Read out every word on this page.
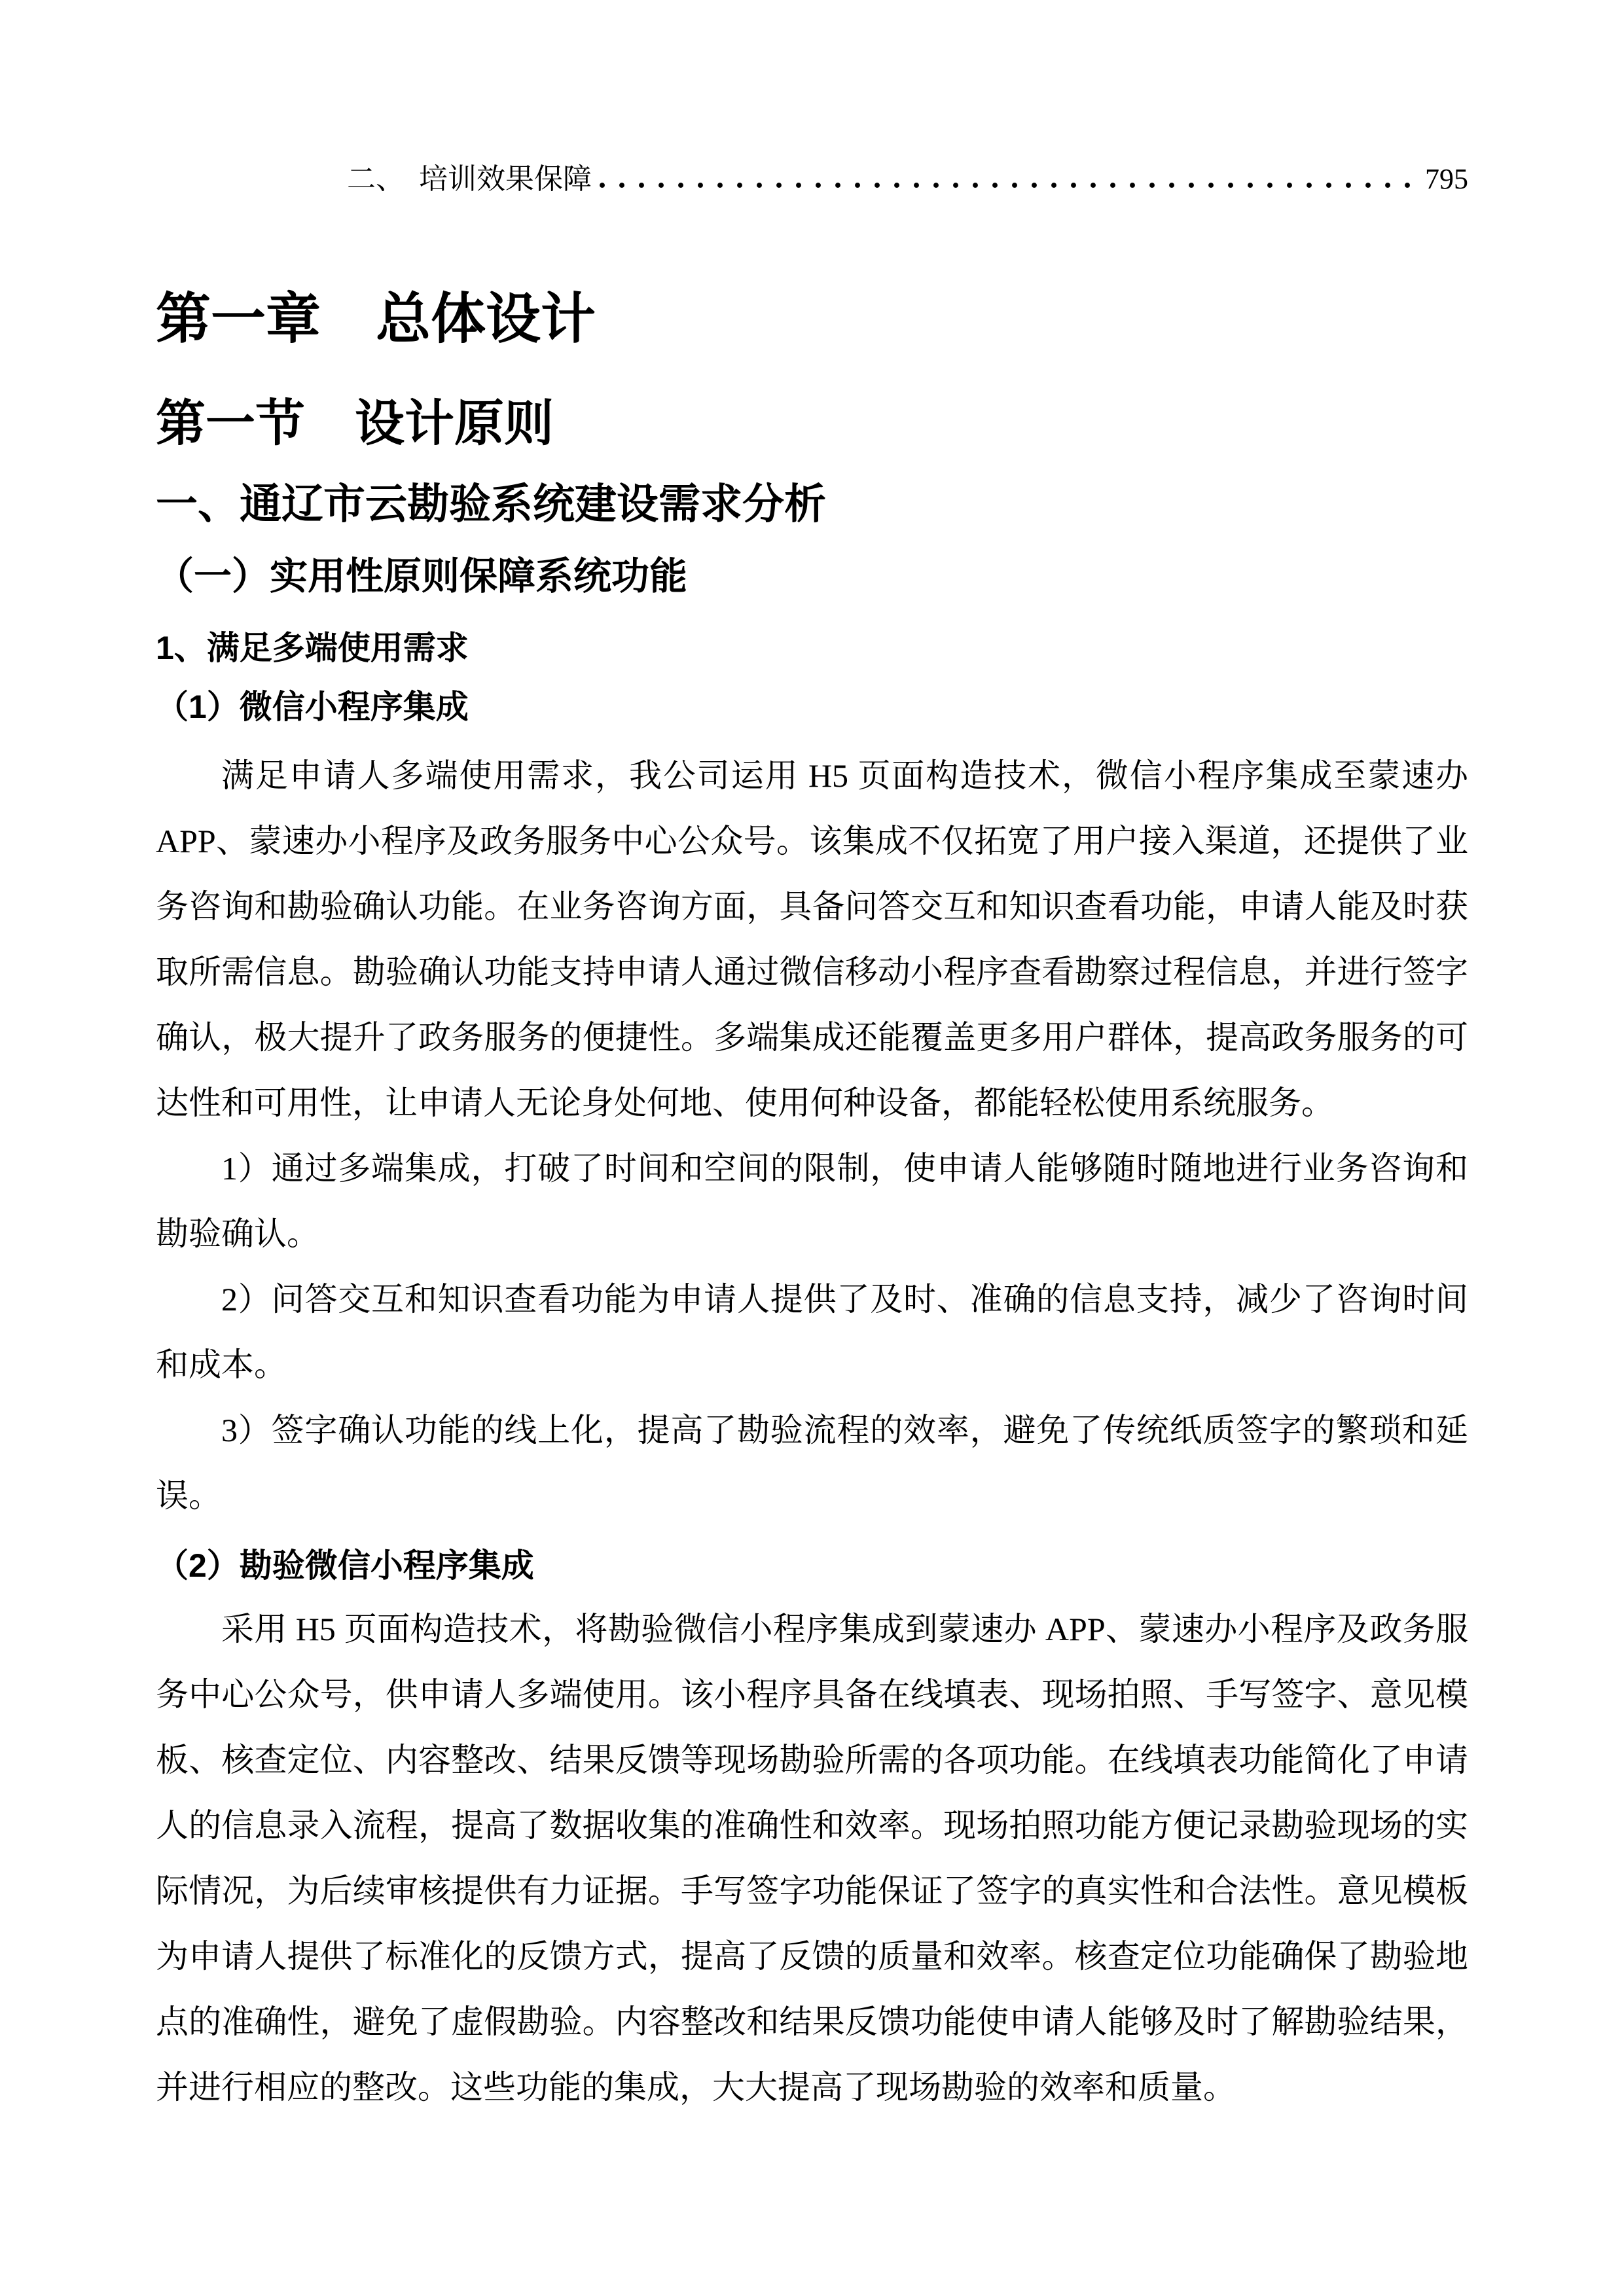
二、　培训效果保障	795
第一章　总体设计
第一节　设计原则
一、通辽市云勘验系统建设需求分析
（一）实用性原则保障系统功能
1、满足多端使用需求
（1）微信小程序集成

满足申请人多端使用需求，我公司运用 H5 页面构造技术，微信小程序集成至蒙速办APP、蒙速办小程序及政务服务中心公众号。该集成不仅拓宽了用户接入渠道，还提供了业务咨询和勘验确认功能。在业务咨询方面，具备问答交互和知识查看功能，申请人能及时获取所需信息。勘验确认功能支持申请人通过微信移动小程序查看勘察过程信息，并进行签字确认，极大提升了政务服务的便捷性。多端集成还能覆盖更多用户群体，提高政务服务的可达性和可用性，让申请人无论身处何地、使用何种设备，都能轻松使用系统服务。

1）通过多端集成，打破了时间和空间的限制，使申请人能够随时随地进行业务咨询和勘验确认。

2）问答交互和知识查看功能为申请人提供了及时、准确的信息支持，减少了咨询时间和成本。

3）签字确认功能的线上化，提高了勘验流程的效率，避免了传统纸质签字的繁琐和延误。

（2）勘验微信小程序集成

采用 H5 页面构造技术，将勘验微信小程序集成到蒙速办 APP、蒙速办小程序及政务服务中心公众号，供申请人多端使用。该小程序具备在线填表、现场拍照、手写签字、意见模板、核查定位、内容整改、结果反馈等现场勘验所需的各项功能。在线填表功能简化了申请人的信息录入流程，提高了数据收集的准确性和效率。现场拍照功能方便记录勘验现场的实际情况，为后续审核提供有力证据。手写签字功能保证了签字的真实性和合法性。意见模板为申请人提供了标准化的反馈方式，提高了反馈的质量和效率。核查定位功能确保了勘验地点的准确性，避免了虚假勘验。内容整改和结果反馈功能使申请人能够及时了解勘验结果，并进行相应的整改。这些功能的集成，大大提高了现场勘验的效率和质量。
